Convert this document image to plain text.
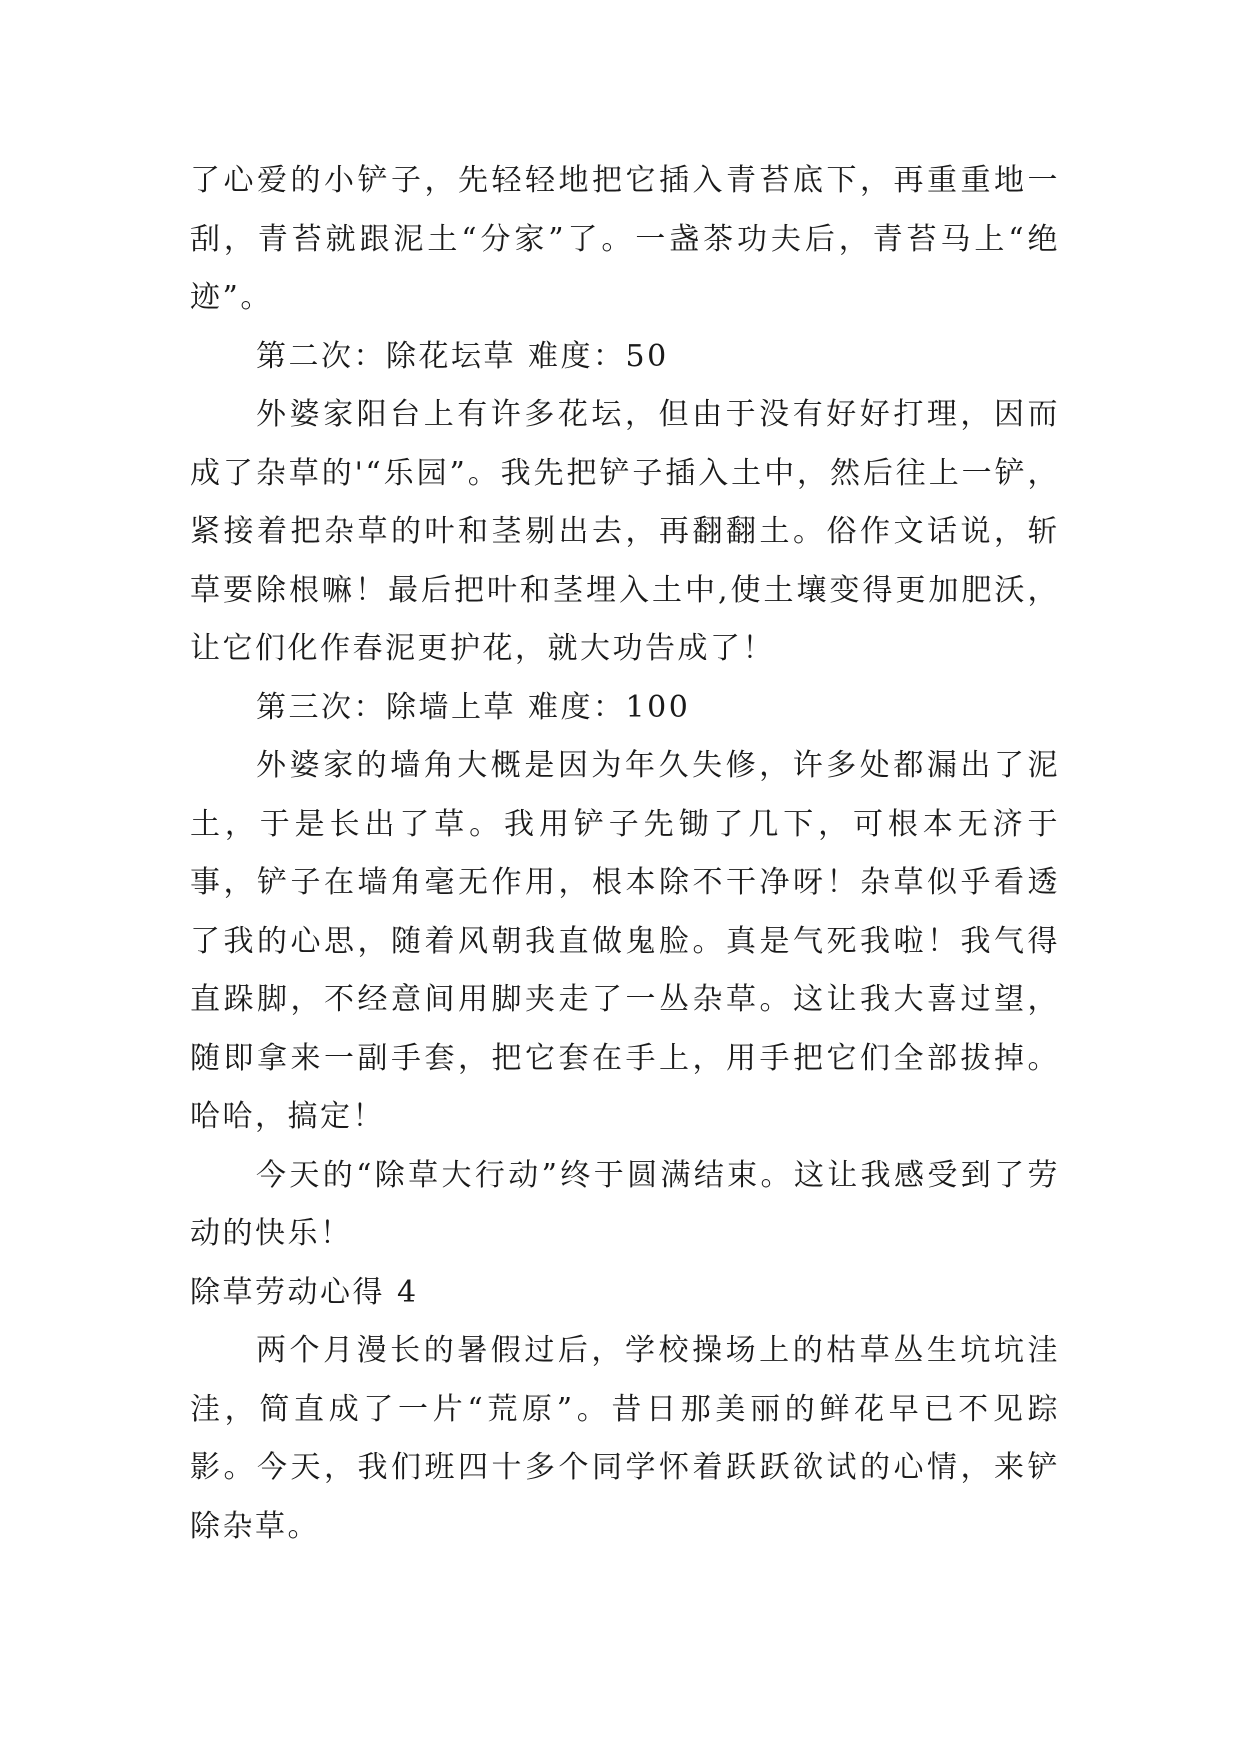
了心爱的小铲子，先轻轻地把它插入青苔底下，再重重地一刮，青苔就跟泥土“分家”了。一盏茶功夫后，青苔马上“绝迹”。

第二次：除花坛草 难度：50

外婆家阳台上有许多花坛，但由于没有好好打理，因而成了杂草的'“乐园”。我先把铲子插入土中，然后往上一铲，紧接着把杂草的叶和茎剔出去，再翻翻土。俗作文话说，斩草要除根嘛！最后把叶和茎埋入土中,使土壤变得更加肥沃，让它们化作春泥更护花，就大功告成了！

第三次：除墙上草 难度：100

外婆家的墙角大概是因为年久失修，许多处都漏出了泥土，于是长出了草。我用铲子先锄了几下，可根本无济于事，铲子在墙角毫无作用，根本除不干净呀！杂草似乎看透了我的心思，随着风朝我直做鬼脸。真是气死我啦！我气得直跺脚，不经意间用脚夹走了一丛杂草。这让我大喜过望，随即拿来一副手套，把它套在手上，用手把它们全部拔掉。哈哈，搞定！

今天的“除草大行动”终于圆满结束。这让我感受到了劳动的快乐！

除草劳动心得 4

两个月漫长的暑假过后，学校操场上的枯草丛生坑坑洼洼，简直成了一片“荒原”。昔日那美丽的鲜花早已不见踪影。今天，我们班四十多个同学怀着跃跃欲试的心情，来铲除杂草。
